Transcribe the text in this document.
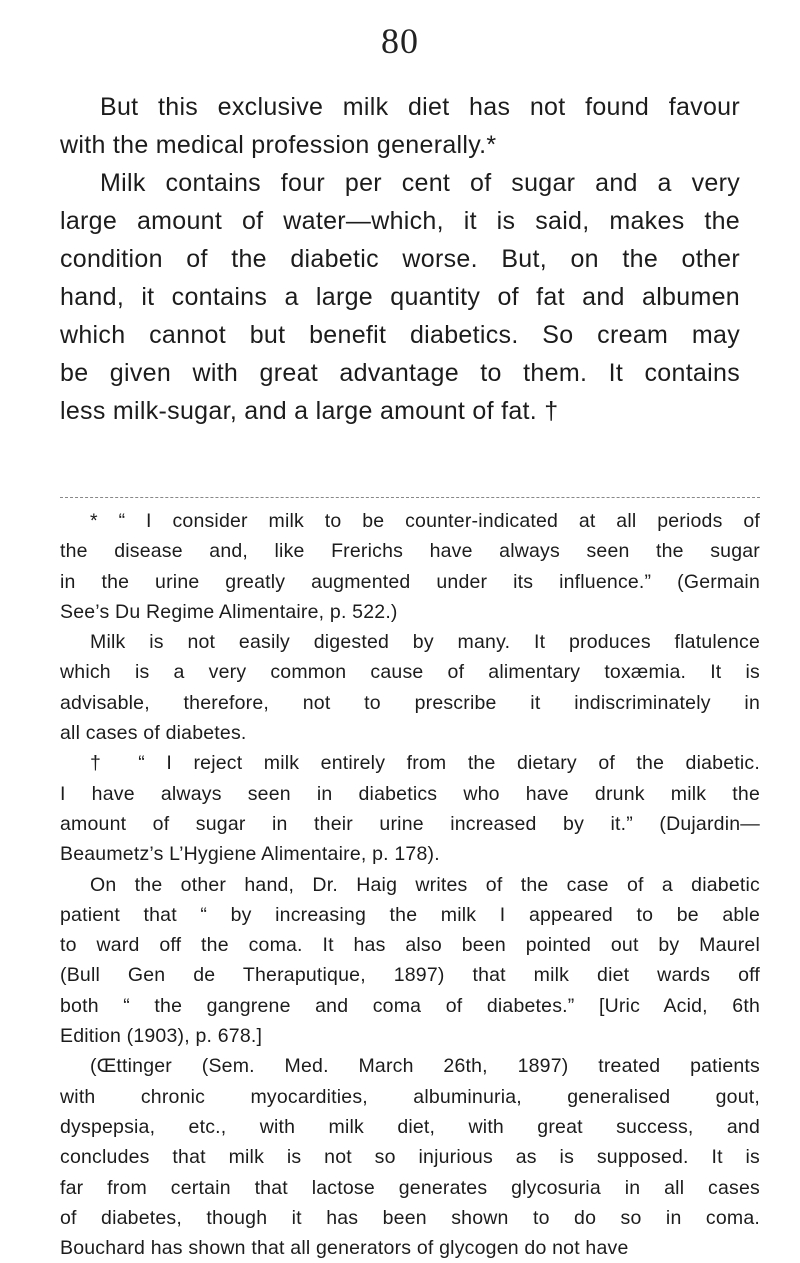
80
But this exclusive milk diet has not found favour
with the medical profession generally.*
Milk contains four per cent of sugar and a very
large amount of water—which, it is said, makes the
condition of the diabetic worse. But, on the other
hand, it contains a large quantity of fat and albumen
which cannot but benefit diabetics. So cream may
be given with great advantage to them. It contains
less milk-sugar, and a large amount of fat. †
* “ I consider milk to be counter-indicated at all periods of
the disease and, like Frerichs have always seen the sugar
in the urine greatly augmented under its influence.” (Germain
See’s Du Regime Alimentaire, p. 522.)
Milk is not easily digested by many. It produces flatulence
which is a very common cause of alimentary toxæmia. It is
advisable, therefore, not to prescribe it indiscriminately in
all cases of diabetes.
† “ I reject milk entirely from the dietary of the diabetic.
I have always seen in diabetics who have drunk milk the
amount of sugar in their urine increased by it.” (Dujardin—
Beaumetz’s L’Hygiene Alimentaire, p. 178).
On the other hand, Dr. Haig writes of the case of a diabetic
patient that “ by increasing the milk I appeared to be able
to ward off the coma. It has also been pointed out by Maurel
(Bull Gen de Theraputique, 1897) that milk diet wards off
both “ the gangrene and coma of diabetes.” [Uric Acid, 6th
Edition (1903), p. 678.]
(Œttinger (Sem. Med. March 26th, 1897) treated patients
with chronic myocardities, albuminuria, generalised gout,
dyspepsia, etc., with milk diet, with great success, and
concludes that milk is not so injurious as is supposed. It is
far from certain that lactose generates glycosuria in all cases
of diabetes, though it has been shown to do so in coma.
Bouchard has shown that all generators of glycogen do not have
